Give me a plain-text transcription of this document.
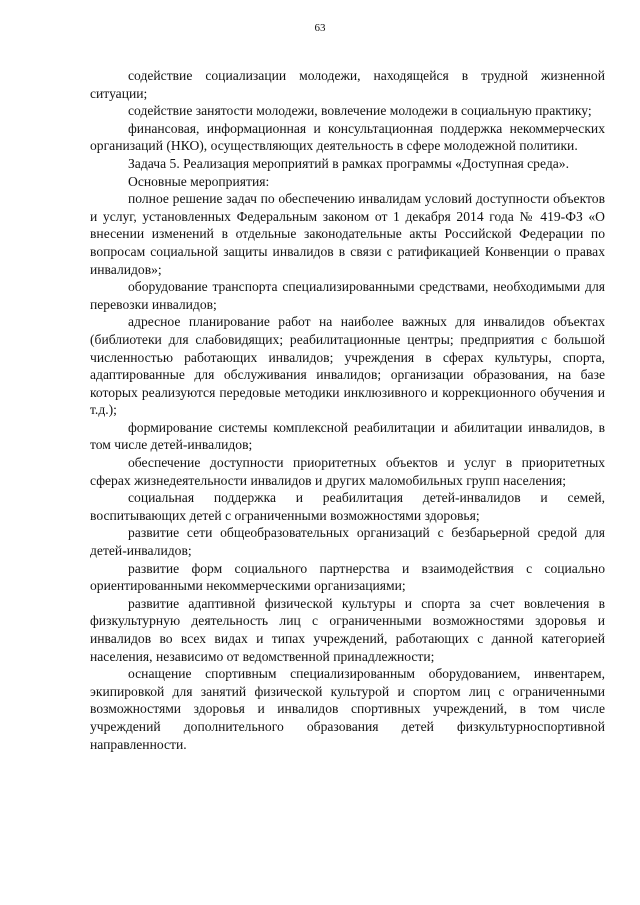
63

содействие социализации молодежи, находящейся в трудной жизненной ситуации;

содействие занятости молодежи, вовлечение молодежи в социальную практику;

финансовая, информационная и консультационная поддержка некоммерческих организаций (НКО), осуществляющих деятельность в сфере молодежной политики.

Задача 5. Реализация мероприятий в рамках программы «Доступная среда».

Основные мероприятия:

полное решение задач по обеспечению инвалидам условий доступности объектов и услуг, установленных Федеральным законом от 1 декабря 2014 года № 419-ФЗ «О внесении изменений в отдельные законодательные акты Российской Федерации по вопросам социальной защиты инвалидов в связи с ратификацией Конвенции о правах инвалидов»;

оборудование транспорта специализированными средствами, необходимыми для перевозки инвалидов;

адресное планирование работ на наиболее важных для инвалидов объектах (библиотеки для слабовидящих; реабилитационные центры; предприятия с большой численностью работающих инвалидов; учреждения в сферах культуры, спорта, адаптированные для обслуживания инвалидов; организации образования, на базе которых реализуются передовые методики инклюзивного и коррекционного обучения и т.д.);

формирование системы комплексной реабилитации и абилитации инвалидов, в том числе детей-инвалидов;

обеспечение доступности приоритетных объектов и услуг в приоритетных сферах жизнедеятельности инвалидов и других маломобильных групп населения;

социальная поддержка и реабилитация детей-инвалидов и семей, воспитывающих детей с ограниченными возможностями здоровья;

развитие сети общеобразовательных организаций с безбарьерной средой для детей-инвалидов;

развитие форм социального партнерства и взаимодействия с социально ориентированными некоммерческими организациями;

развитие адаптивной физической культуры и спорта за счет вовлечения в физкультурную деятельность лиц с ограниченными возможностями здоровья и инвалидов во всех видах и типах учреждений, работающих с данной категорией населения, независимо от ведомственной принадлежности;

оснащение спортивным специализированным оборудованием, инвентарем, экипировкой для занятий физической культурой и спортом лиц с ограниченными возможностями здоровья и инвалидов спортивных учреждений, в том числе учреждений дополнительного образования детей физкультурноспортивной направленности.
